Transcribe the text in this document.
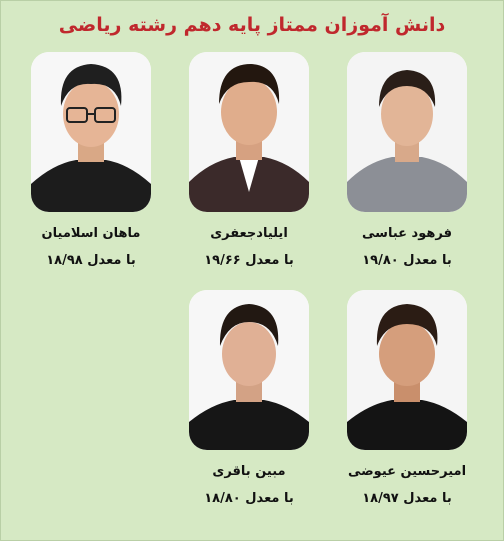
دانش آموزان ممتاز پایه دهم رشته ریاضی
فرهود عباسی
با معدل ۱۹/۸۰
ایلیادجعفری
با معدل ۱۹/۶۶
ماهان اسلامیان
با معدل ۱۸/۹۸
امیرحسین عیوضی
با معدل ۱۸/۹۷
مبین باقری
با معدل ۱۸/۸۰
